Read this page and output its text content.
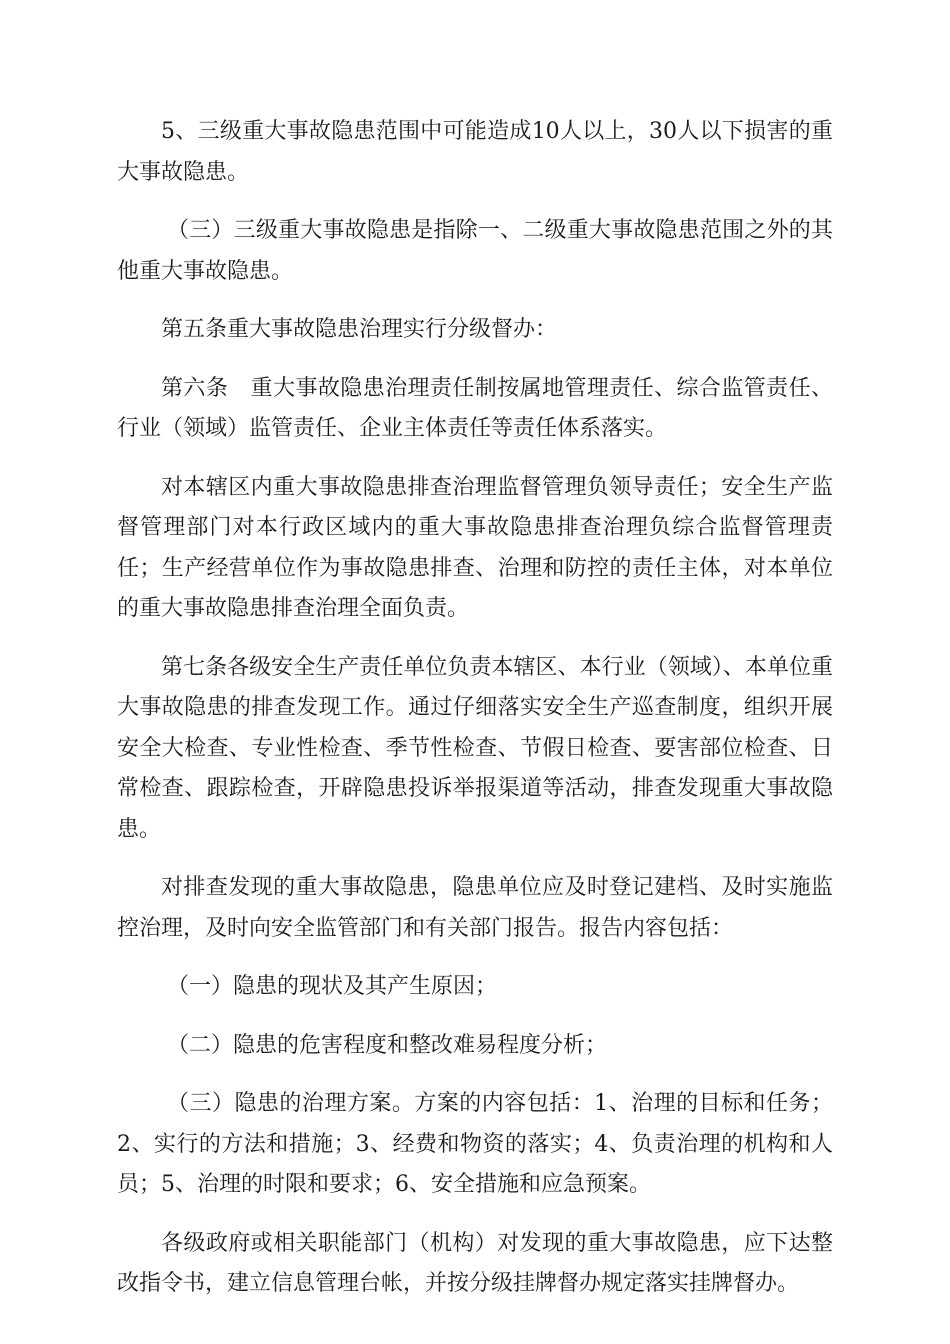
5、三级重大事故隐患范围中可能造成10人以上，30人以下损害的重大事故隐患。

（三）三级重大事故隐患是指除一、二级重大事故隐患范围之外的其他重大事故隐患。

第五条重大事故隐患治理实行分级督办：

第六条　重大事故隐患治理责任制按属地管理责任、综合监管责任、行业（领域）监管责任、企业主体责任等责任体系落实。

对本辖区内重大事故隐患排查治理监督管理负领导责任；安全生产监督管理部门对本行政区域内的重大事故隐患排查治理负综合监督管理责任；生产经营单位作为事故隐患排查、治理和防控的责任主体，对本单位的重大事故隐患排查治理全面负责。

第七条各级安全生产责任单位负责本辖区、本行业（领域）、本单位重大事故隐患的排查发现工作。通过仔细落实安全生产巡查制度，组织开展安全大检查、专业性检查、季节性检查、节假日检查、要害部位检查、日常检查、跟踪检查，开辟隐患投诉举报渠道等活动，排查发现重大事故隐患。

对排查发现的重大事故隐患，隐患单位应及时登记建档、及时实施监控治理，及时向安全监管部门和有关部门报告。报告内容包括：

（一）隐患的现状及其产生原因；

（二）隐患的危害程度和整改难易程度分析；

（三）隐患的治理方案。方案的内容包括：1、治理的目标和任务；2、实行的方法和措施；3、经费和物资的落实；4、负责治理的机构和人员；5、治理的时限和要求；6、安全措施和应急预案。

各级政府或相关职能部门（机构）对发现的重大事故隐患，应下达整改指令书，建立信息管理台帐，并按分级挂牌督办规定落实挂牌督办。
